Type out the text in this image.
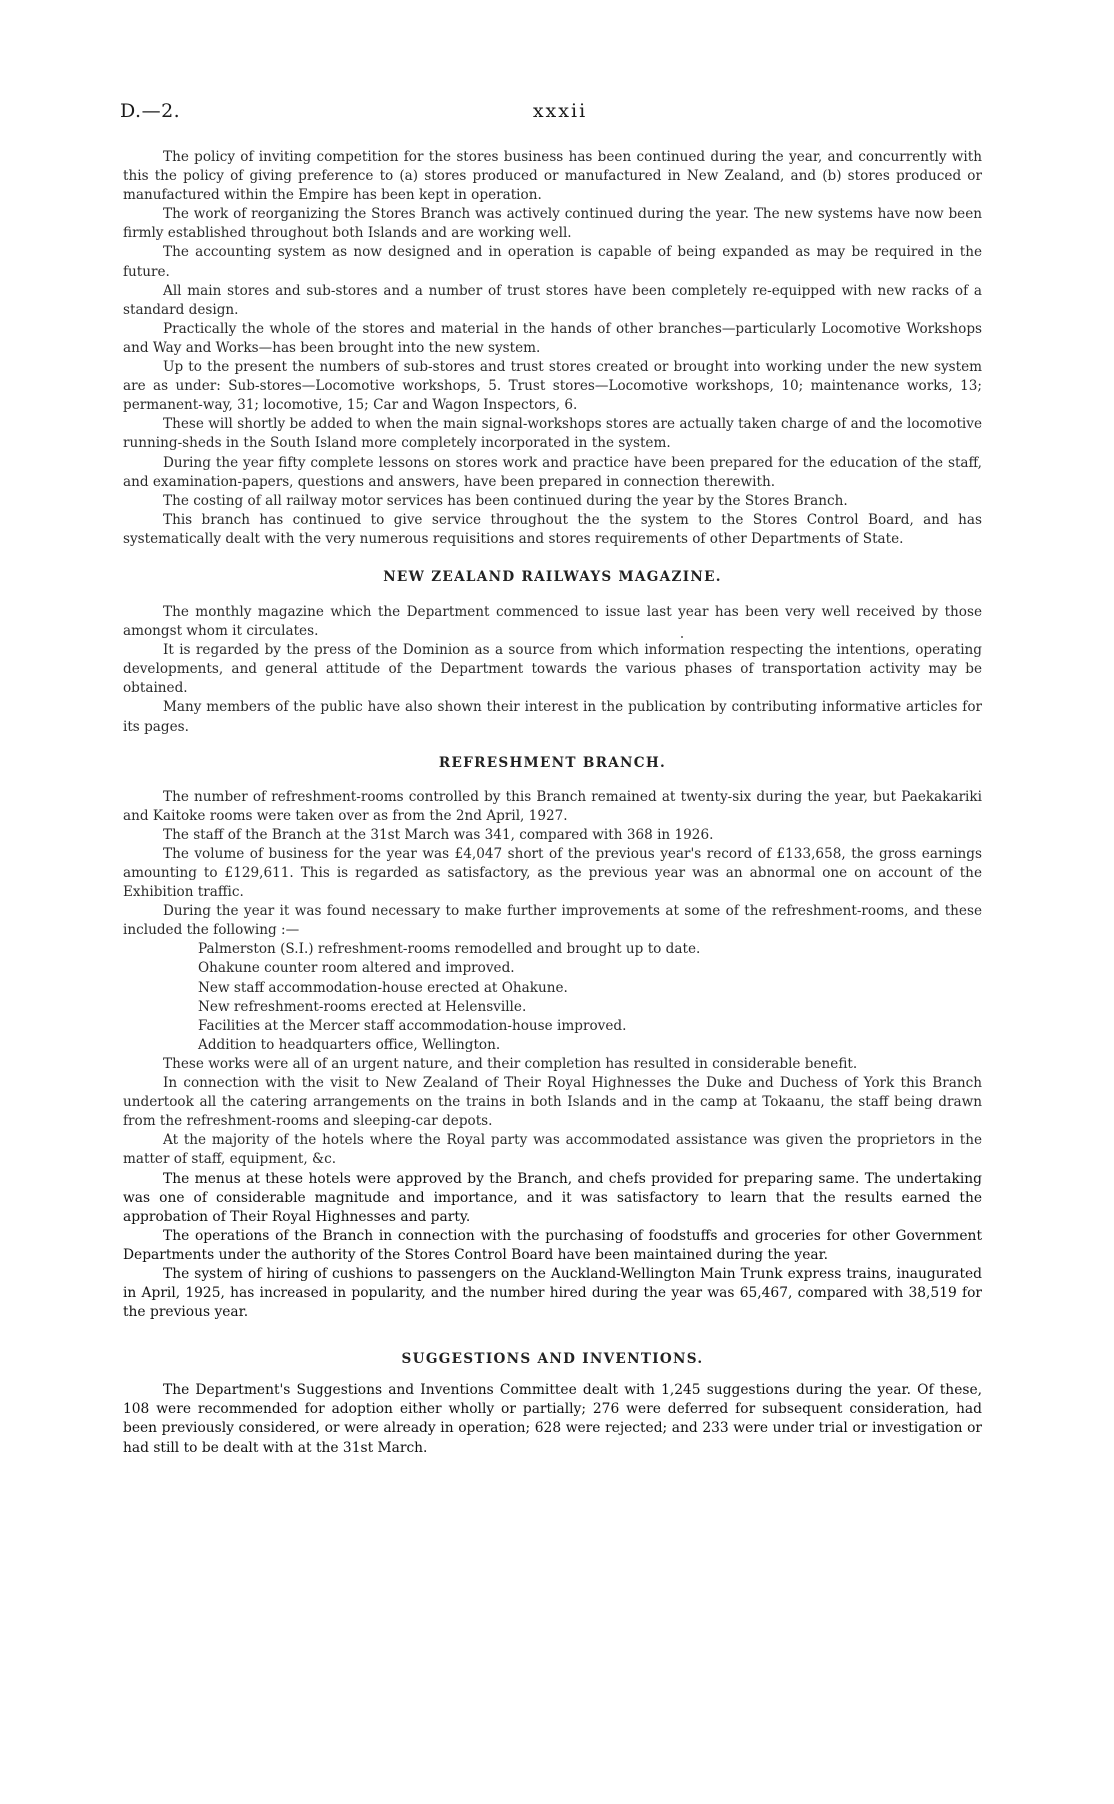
D.—2.	xxxii

The policy of inviting competition for the stores business has been continued during the year, and concurrently with this the policy of giving preference to (a) stores produced or manufactured in New Zealand, and (b) stores produced or manufactured within the Empire has been kept in operation.

The work of reorganizing the Stores Branch was actively continued during the year. The new systems have now been firmly established throughout both Islands and are working well.

The accounting system as now designed and in operation is capable of being expanded as may be required in the future.

All main stores and sub-stores and a number of trust stores have been completely re-equipped with new racks of a standard design.

Practically the whole of the stores and material in the hands of other branches—particularly Locomotive Workshops and Way and Works—has been brought into the new system.

Up to the present the numbers of sub-stores and trust stores created or brought into working under the new system are as under: Sub-stores—Locomotive workshops, 5. Trust stores—Locomotive workshops, 10; maintenance works, 13; permanent-way, 31; locomotive, 15; Car and Wagon Inspectors, 6.

These will shortly be added to when the main signal-workshops stores are actually taken charge of and the locomotive running-sheds in the South Island more completely incorporated in the system.

During the year fifty complete lessons on stores work and practice have been prepared for the education of the staff, and examination-papers, questions and answers, have been prepared in connection therewith.

The costing of all railway motor services has been continued during the year by the Stores Branch.

This branch has continued to give service throughout the the system to the Stores Control Board, and has systematically dealt with the very numerous requisitions and stores requirements of other Departments of State.

NEW ZEALAND RAILWAYS MAGAZINE.

The monthly magazine which the Department commenced to issue last year has been very well received by those amongst whom it circulates.

It is regarded by the press of the Dominion as a source from which information respecting the intentions, operating developments, and general attitude of the Department towards the various phases of transportation activity may be obtained.

Many members of the public have also shown their interest in the publication by contributing informative articles for its pages.

REFRESHMENT BRANCH.

The number of refreshment-rooms controlled by this Branch remained at twenty-six during the year, but Paekakariki and Kaitoke rooms were taken over as from the 2nd April, 1927.

The staff of the Branch at the 31st March was 341, compared with 368 in 1926.

The volume of business for the year was £4,047 short of the previous year's record of £133,658, the gross earnings amounting to £129,611. This is regarded as satisfactory, as the previous year was an abnormal one on account of the Exhibition traffic.

During the year it was found necessary to make further improvements at some of the refreshment-rooms, and these included the following :—

Palmerston (S.I.) refreshment-rooms remodelled and brought up to date.
Ohakune counter room altered and improved.
New staff accommodation-house erected at Ohakune.
New refreshment-rooms erected at Helensville.
Facilities at the Mercer staff accommodation-house improved.
Addition to headquarters office, Wellington.

These works were all of an urgent nature, and their completion has resulted in considerable benefit.

In connection with the visit to New Zealand of Their Royal Highnesses the Duke and Duchess of York this Branch undertook all the catering arrangements on the trains in both Islands and in the camp at Tokaanu, the staff being drawn from the refreshment-rooms and sleeping-car depots.

At the majority of the hotels where the Royal party was accommodated assistance was given the proprietors in the matter of staff, equipment, &c.

The menus at these hotels were approved by the Branch, and chefs provided for preparing same. The undertaking was one of considerable magnitude and importance, and it was satisfactory to learn that the results earned the approbation of Their Royal Highnesses and party.

The operations of the Branch in connection with the purchasing of foodstuffs and groceries for other Government Departments under the authority of the Stores Control Board have been maintained during the year.

The system of hiring of cushions to passengers on the Auckland-Wellington Main Trunk express trains, inaugurated in April, 1925, has increased in popularity, and the number hired during the year was 65,467, compared with 38,519 for the previous year.

SUGGESTIONS AND INVENTIONS.

The Department's Suggestions and Inventions Committee dealt with 1,245 suggestions during the year. Of these, 108 were recommended for adoption either wholly or partially; 276 were deferred for subsequent consideration, had been previously considered, or were already in operation; 628 were rejected; and 233 were under trial or investigation or had still to be dealt with at the 31st March.
